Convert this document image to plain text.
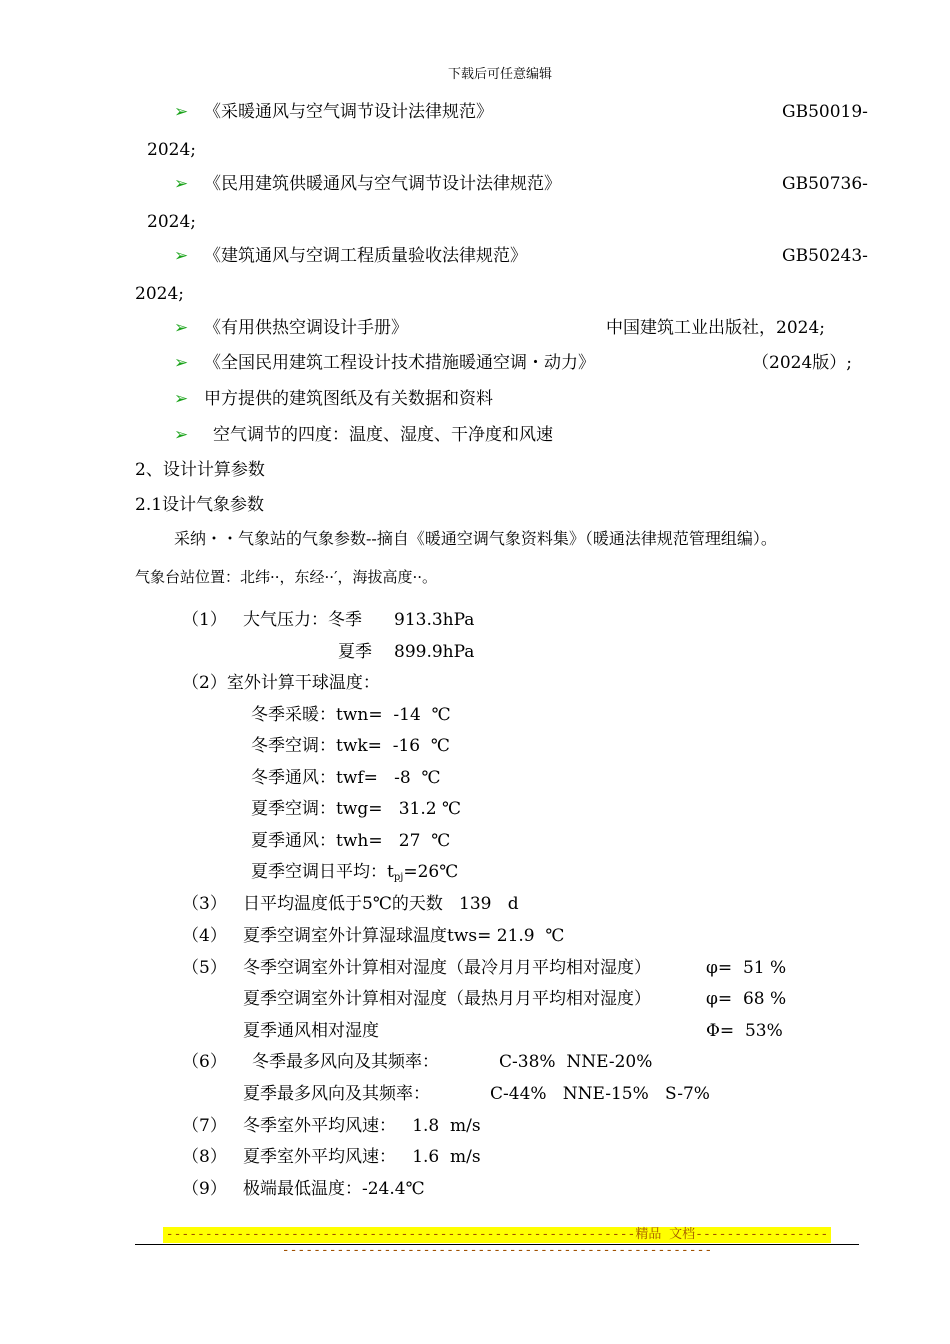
下载后可任意编辑
➢ 《采暖通风与空气调节设计法律规范》	GB50019-
2024;
➢ 《民用建筑供暖通风与空气调节设计法律规范》	GB50736-
2024;
➢ 《建筑通风与空调工程质量验收法律规范》	GB50243-
2024;
➢ 《有用供热空调设计手册》	中国建筑工业出版社，2024;
➢ 《全国民用建筑工程设计技术措施暖通空调・动力》	（2024版）;
➢ 甲方提供的建筑图纸及有关数据和资料
➢ 空气调节的四度：温度、湿度、干净度和风速
2、设计计算参数
2.1设计气象参数
采纳・・气象站的气象参数--摘自《暖通空调气象资料集》（暖通法律规范管理组编）。
气象台站位置：北纬··，东经··′，海拔高度··。
（1） 大气压力：冬季 913.3hPa
夏季 899.9hPa
（2）室外计算干球温度：
冬季采暖：twn=  -14  ℃
冬季空调：twk=  -16  ℃
冬季通风：twf=   -8  ℃
夏季空调：twg=   31.2 ℃
夏季通风：twh=   27  ℃
夏季空调日平均：$t_{pj}=26℃$
（3） 日平均温度低于5℃的天数   139   d
（4） 夏季空调室外计算湿球温度tws= 21.9  ℃
（5） 冬季空调室外计算相对湿度（最冷月月平均相对湿度）	φ=  51 %
夏季空调室外计算相对湿度（最热月月平均相对湿度）	φ=  68 %
夏季通风相对湿度	Φ=  53%
（6） 冬季最多风向及其频率：	C-38%  NNE-20%
夏季最多风向及其频率：	C-44%   NNE-15%   S-7%
（7） 冬季室外平均风速：   1.8  m/s
（8） 夏季室外平均风速：   1.6  m/s
（9） 极端最低温度：-24.4℃
------------------------------------------------------------精品 文档------------------------------------------------------------------------
